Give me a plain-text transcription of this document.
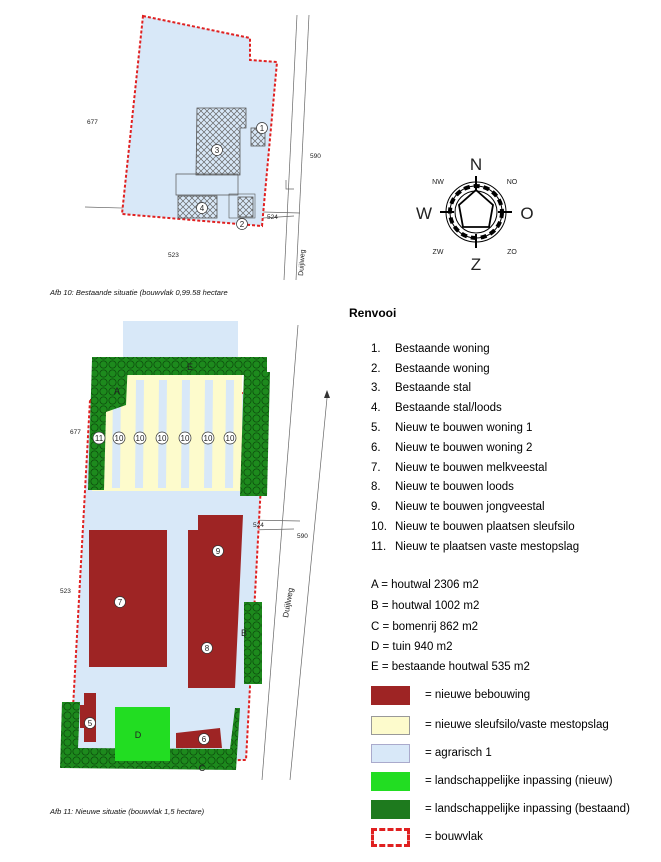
3
4
2
1
677
590
523
524
Duijlweg
N
Z
W	O
NW	NO
ZW	ZO
11 10 10 10 10 10 10
7
9
8
5
6
A
E
B
D
C
677
590
523
524
Duijlweg
Afb 10: Bestaande situatie (bouwvlak 0,99.58 hectare
Afb 11: Nieuwe situatie (bouwvlak 1,5 hectare)
Renvooi
1. Bestaande woning
2. Bestaande woning
3. Bestaande stal
4. Bestaande stal/loods
5. Nieuw te bouwen woning 1
6. Nieuw te bouwen woning 2
7. Nieuw te bouwen melkveestal
8. Nieuw te bouwen loods
9. Nieuw te bouwen jongveestal
10. Nieuw te bouwen plaatsen sleufsilo
11. Nieuw te plaatsen vaste mestopslag
A = houtwal 2306 m2
B = houtwal 1002 m2
C = bomenrij 862 m2
D = tuin 940 m2
E = bestaande houtwal 535 m2
= nieuwe bebouwing
= nieuwe sleufsilo/vaste mestopslag
= agrarisch 1
= landschappelijke inpassing (nieuw)
= landschappelijke inpassing (bestaand)
= bouwvlak
